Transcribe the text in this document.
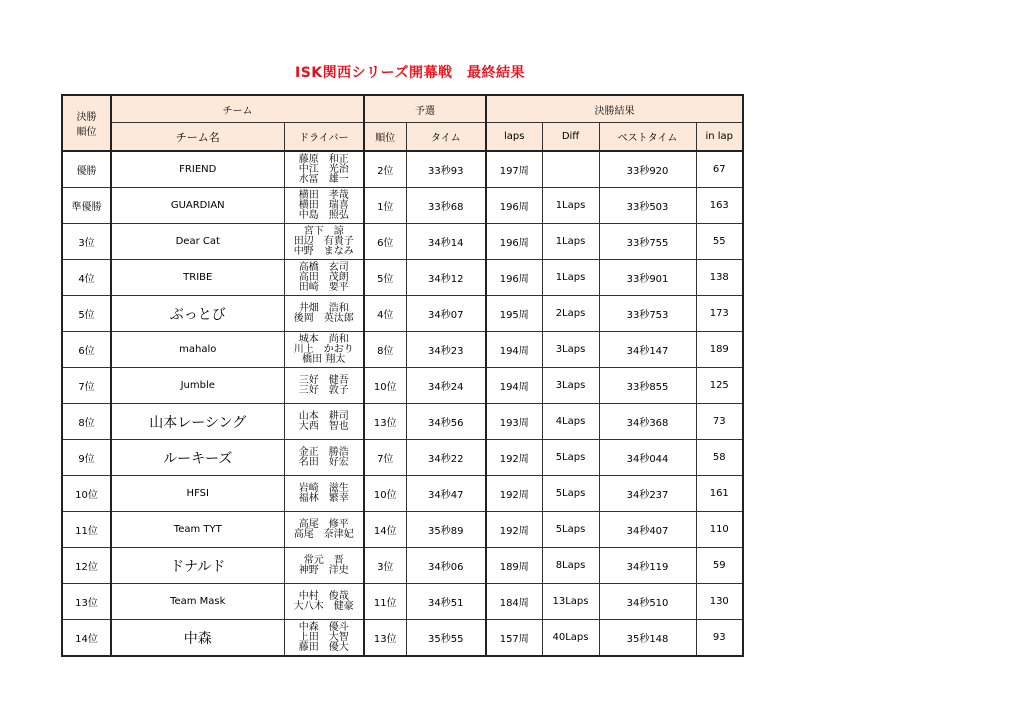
ISK関西シリーズ開幕戦　最終結果
決勝
順位	チーム		予選		決勝結果			
	チーム名	ドライバー	順位	タイム	laps	Diff	ベストタイム	in lap
優勝	FRIEND	藤原　和正
中江　光治
水冨　雄一	2位	33秒93	197周		33秒920	67
準優勝	GUARDIAN	横田　孝哉
横田　瑞喜
中島　照弘	1位	33秒68	196周	1Laps	33秒503	163
3位	Dear Cat	宮下　諒
田辺　有貴子
中野　まなみ	6位	34秒14	196周	1Laps	33秒755	55
4位	TRIBE	高橋　玄司
高田　茂朗
田崎　要平	5位	34秒12	196周	1Laps	33秒901	138
5位	ぶっとび	井畑　浩和
後岡　英汰郎	4位	34秒07	195周	2Laps	33秒753	173
6位	mahalo	城本　尚和
川上　かおり
橋田 翔太	8位	34秒23	194周	3Laps	34秒147	189
7位	Jumble	三好　健吾
三好　敦子	10位	34秒24	194周	3Laps	33秒855	125
8位	山本レーシング	山本　耕司
大西　智也	13位	34秒56	193周	4Laps	34秒368	73
9位	ルーキーズ	金正　勝浩
名田　好宏	7位	34秒22	192周	5Laps	34秒044	58
10位	HFSI	岩崎　滋生
福林　繁幸	10位	34秒47	192周	5Laps	34秒237	161
11位	Team TYT	高尾　修平
高尾　奈津妃	14位	35秒89	192周	5Laps	34秒407	110
12位	ドナルド	常元　晋
神野　洋史	3位	34秒06	189周	8Laps	34秒119	59
13位	Team Mask	中村　俊哉
大八木　健豪	11位	34秒51	184周	13Laps	34秒510	130
14位	中森	中森　優斗
上田　大智
藤田　優大	13位	35秒55	157周	40Laps	35秒148	93
